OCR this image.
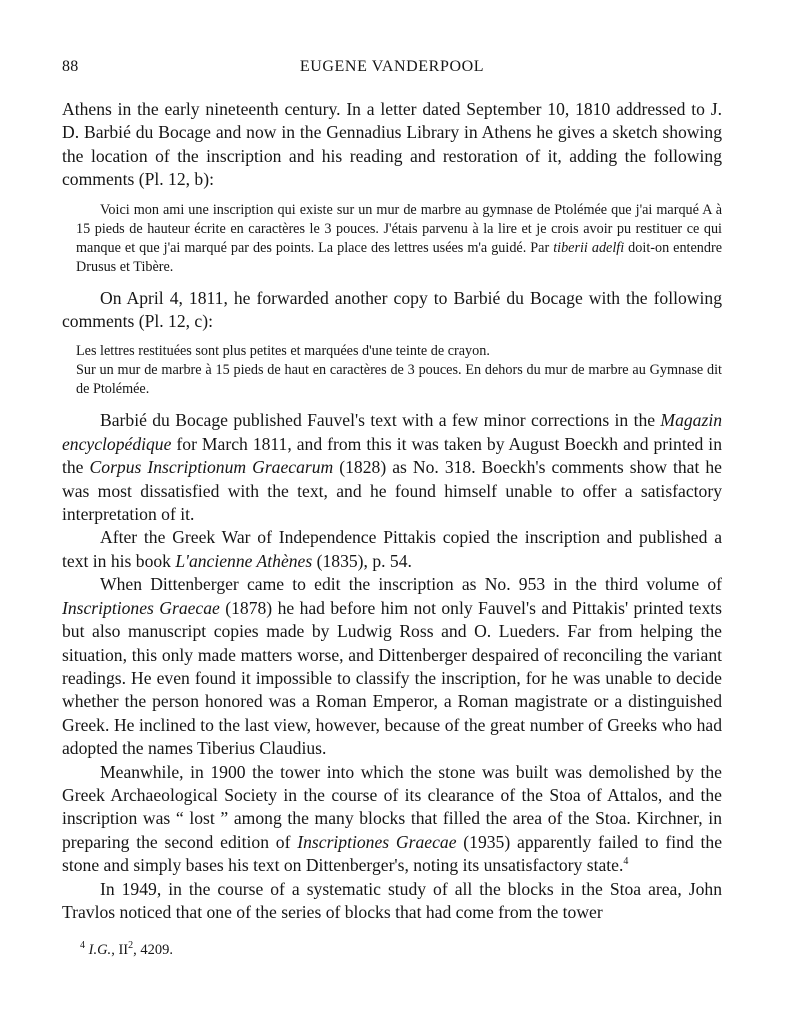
88	EUGENE VANDERPOOL

Athens in the early nineteenth century. In a letter dated September 10, 1810 addressed to J. D. Barbié du Bocage and now in the Gennadius Library in Athens he gives a sketch showing the location of the inscription and his reading and restoration of it, adding the following comments (Pl. 12, b):

Voici mon ami une inscription qui existe sur un mur de marbre au gymnase de Ptolémée que j'ai marqué A à 15 pieds de hauteur écrite en caractères le 3 pouces. J'étais parvenu à la lire et je crois avoir pu restituer ce qui manque et que j'ai marqué par des points. La place des lettres usées m'a guidé. Par tiberii adelfi doit-on entendre Drusus et Tibère.

On April 4, 1811, he forwarded another copy to Barbié du Bocage with the following comments (Pl. 12, c):

Les lettres restituées sont plus petites et marquées d'une teinte de crayon.

Sur un mur de marbre à 15 pieds de haut en caractères de 3 pouces. En dehors du mur de marbre au Gymnase dit de Ptolémée.

Barbié du Bocage published Fauvel's text with a few minor corrections in the Magazin encyclopédique for March 1811, and from this it was taken by August Boeckh and printed in the Corpus Inscriptionum Graecarum (1828) as No. 318. Boeckh's comments show that he was most dissatisfied with the text, and he found himself unable to offer a satisfactory interpretation of it.

After the Greek War of Independence Pittakis copied the inscription and published a text in his book L'ancienne Athènes (1835), p. 54.

When Dittenberger came to edit the inscription as No. 953 in the third volume of Inscriptiones Graecae (1878) he had before him not only Fauvel's and Pittakis' printed texts but also manuscript copies made by Ludwig Ross and O. Lueders. Far from helping the situation, this only made matters worse, and Dittenberger despaired of reconciling the variant readings. He even found it impossible to classify the inscription, for he was unable to decide whether the person honored was a Roman Emperor, a Roman magistrate or a distinguished Greek. He inclined to the last view, however, because of the great number of Greeks who had adopted the names Tiberius Claudius.

Meanwhile, in 1900 the tower into which the stone was built was demolished by the Greek Archaeological Society in the course of its clearance of the Stoa of Attalos, and the inscription was “ lost ” among the many blocks that filled the area of the Stoa. Kirchner, in preparing the second edition of Inscriptiones Graecae (1935) apparently failed to find the stone and simply bases his text on Dittenberger's, noting its unsatisfactory state.$^4$

In 1949, in the course of a systematic study of all the blocks in the Stoa area, John Travlos noticed that one of the series of blocks that had come from the tower

$^4$ I.G., $II^2$, 4209.
